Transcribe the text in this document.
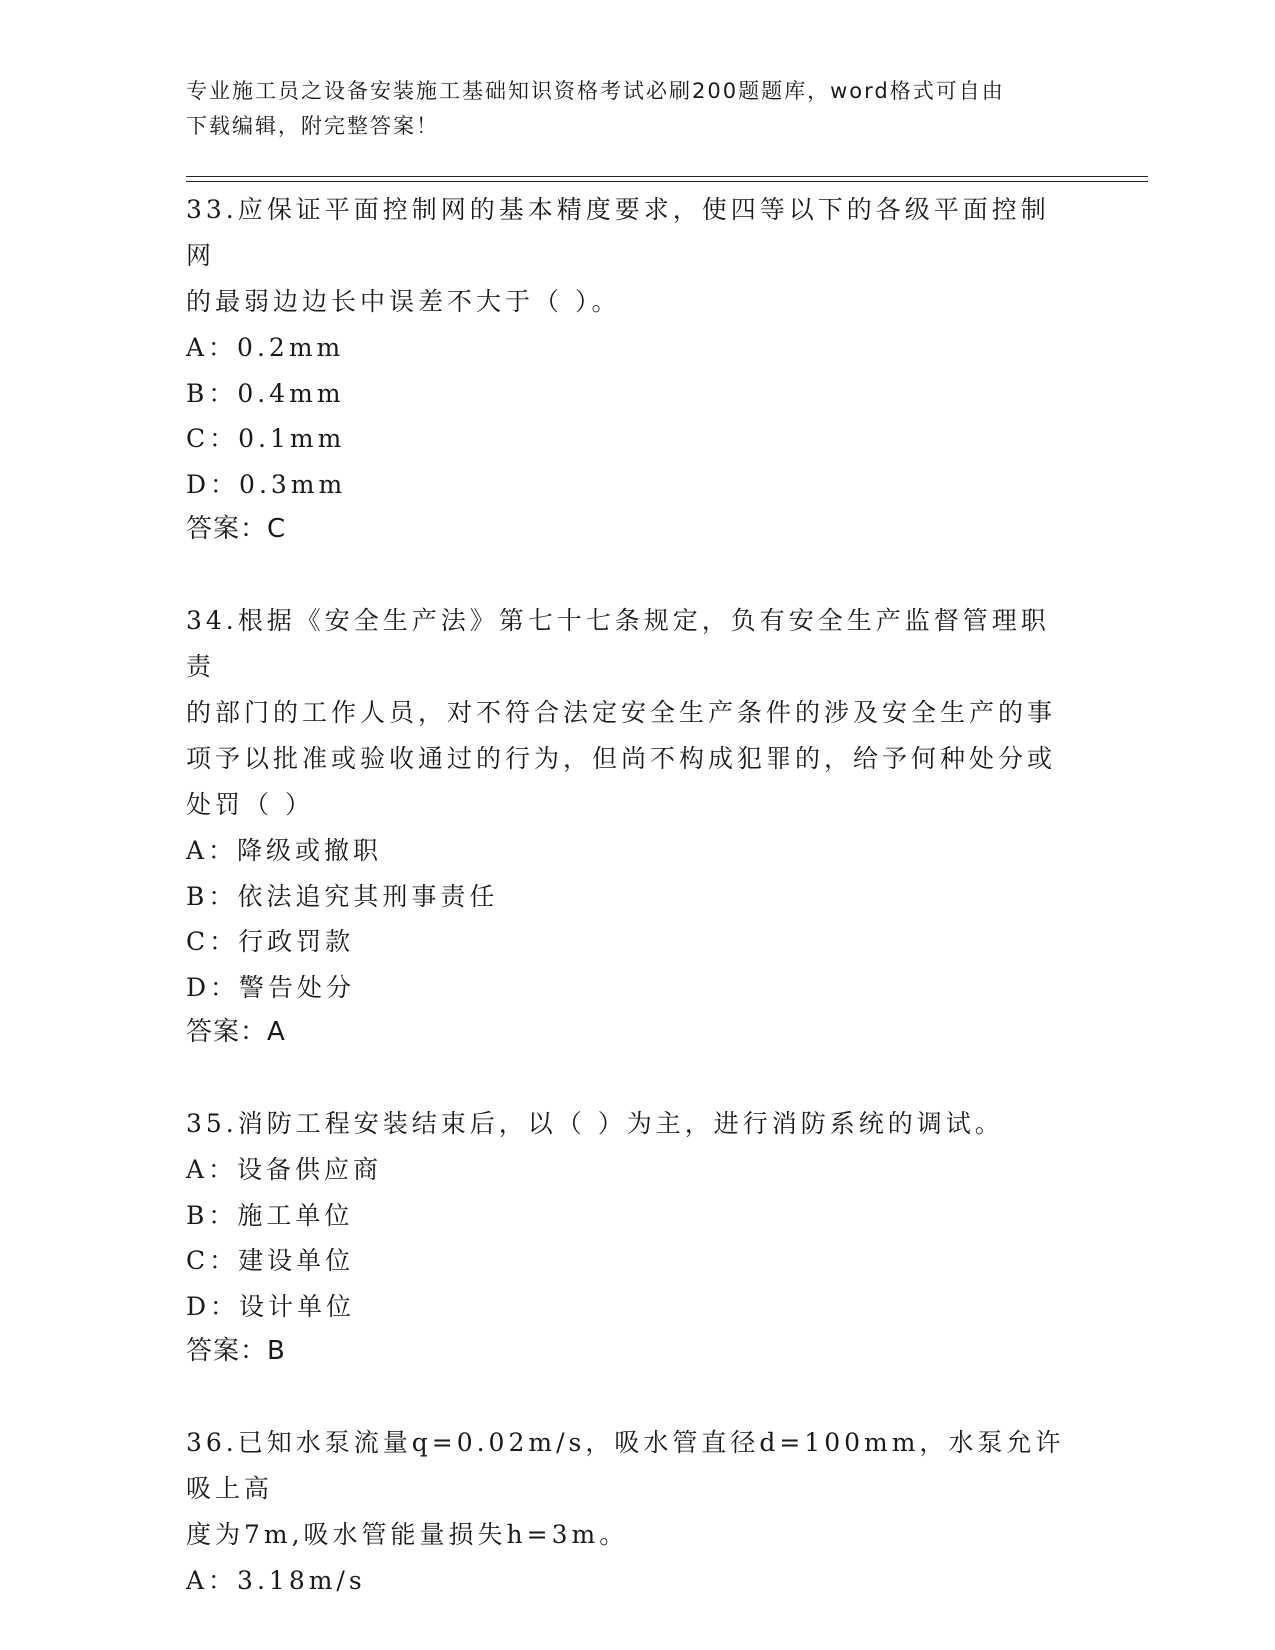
专业施工员之设备安装施工基础知识资格考试必刷200题题库，word格式可自由
下载编辑，附完整答案！

33.应保证平面控制网的基本精度要求，使四等以下的各级平面控制网

的最弱边边长中误差不大于（ ）。

A：0.2mm

B：0.4mm

C：0.1mm

D：0.3mm

答案：C

34.根据《安全生产法》第七十七条规定，负有安全生产监督管理职责

的部门的工作人员，对不符合法定安全生产条件的涉及安全生产的事

项予以批准或验收通过的行为，但尚不构成犯罪的，给予何种处分或

处罚（ ）

A：降级或撤职

B：依法追究其刑事责任

C：行政罚款

D：警告处分

答案：A

35.消防工程安装结束后，以（ ）为主，进行消防系统的调试。

A：设备供应商

B：施工单位

C：建设单位

D：设计单位

答案：B

36.已知水泵流量q=0.02m/s，吸水管直径d=100mm，水泵允许吸上高

度为7m,吸水管能量损失h=3m。

A：3.18m/s
